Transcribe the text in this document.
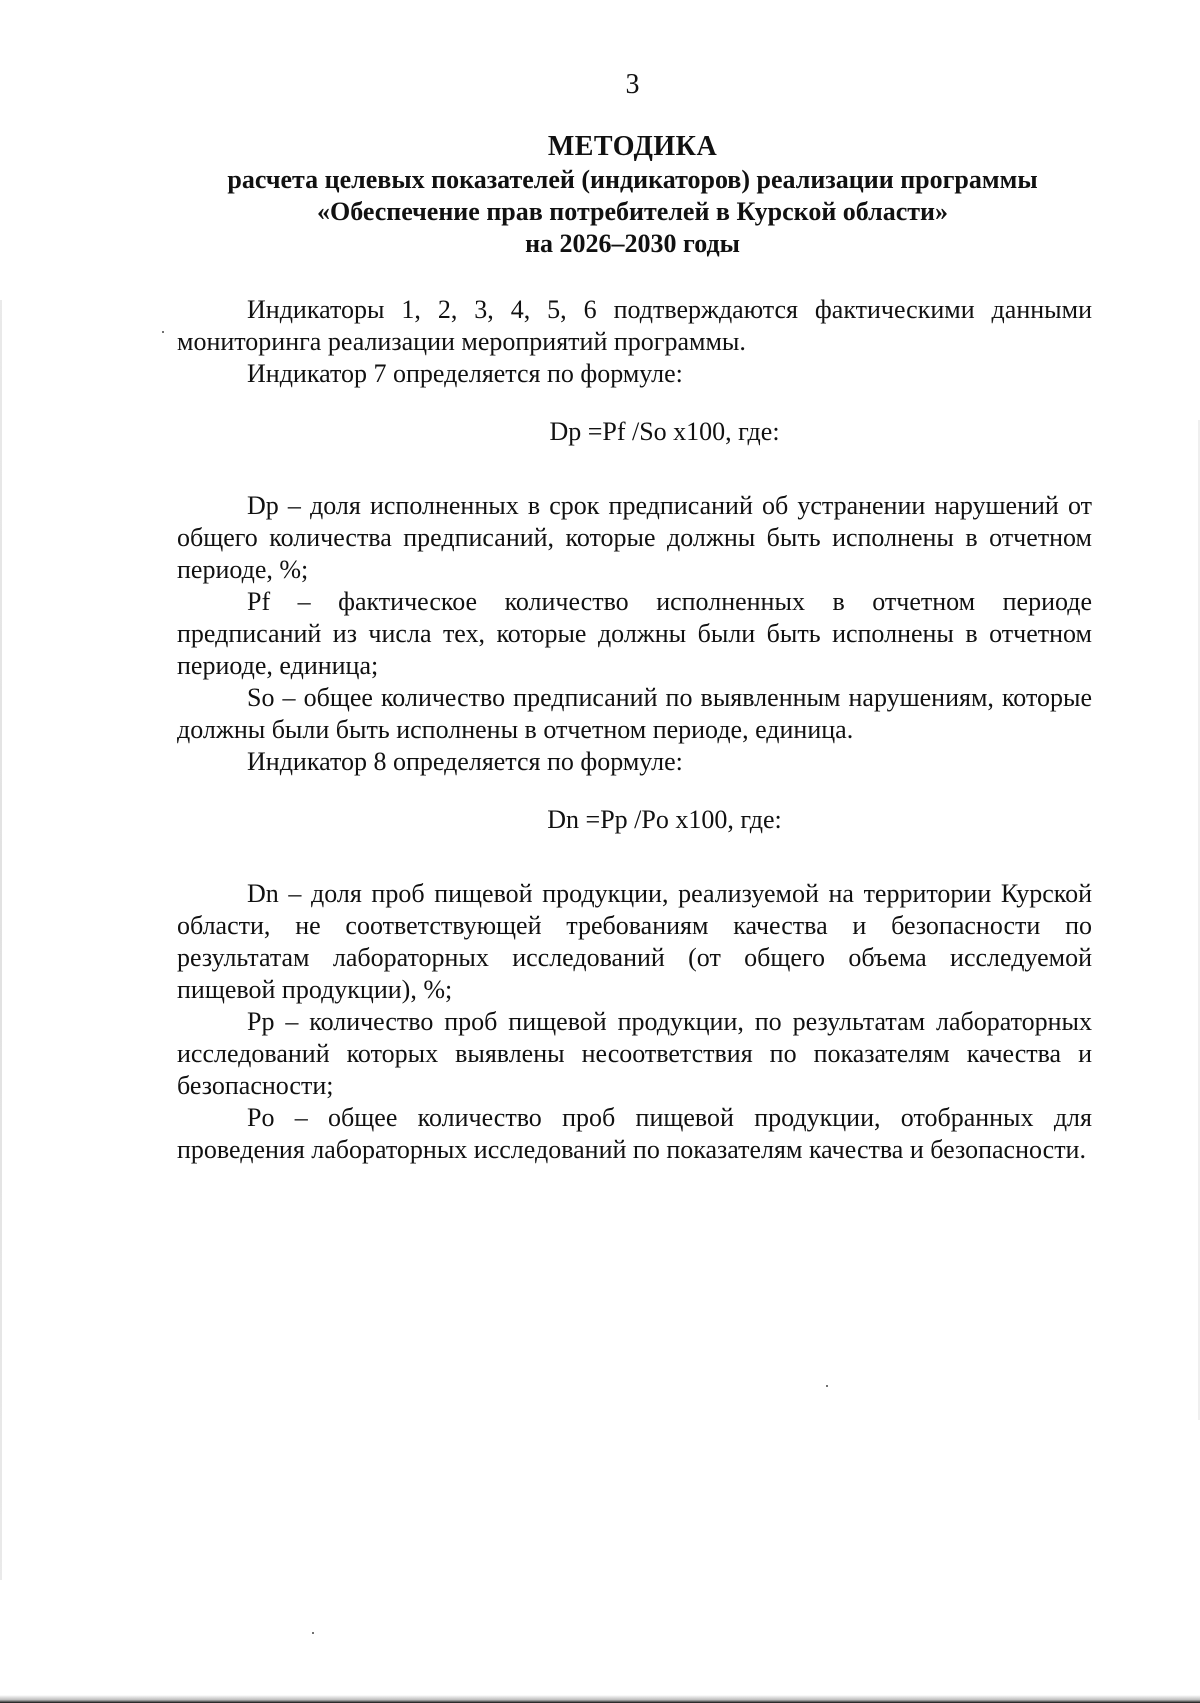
3
МЕТОДИКА
расчета целевых показателей (индикаторов) реализации программы
«Обеспечение прав потребителей в Курской области»
на 2026–2030 годы

Индикаторы 1, 2, 3, 4, 5, 6 подтверждаются фактическими данными мониторинга реализации мероприятий программы.

Индикатор 7 определяется по формуле:

Dp =Pf /So x100, где:

Dp – доля исполненных в срок предписаний об устранении нарушений от общего количества предписаний, которые должны быть исполнены в отчетном периоде, %;

Pf – фактическое количество исполненных в отчетном периоде предписаний из числа тех, которые должны были быть исполнены в отчетном периоде, единица;

So – общее количество предписаний по выявленным нарушениям, которые должны были быть исполнены в отчетном периоде, единица.

Индикатор 8 определяется по формуле:

Dn =Pp /Po x100, где:

Dn – доля проб пищевой продукции, реализуемой на территории Курской области, не соответствующей требованиям качества и безопасности по результатам лабораторных исследований (от общего объема исследуемой пищевой продукции), %;

Pp – количество проб пищевой продукции, по результатам лабораторных исследований которых выявлены несоответствия по показателям качества и безопасности;

Po – общее количество проб пищевой продукции, отобранных для проведения лабораторных исследований по показателям качества и безопасности.
